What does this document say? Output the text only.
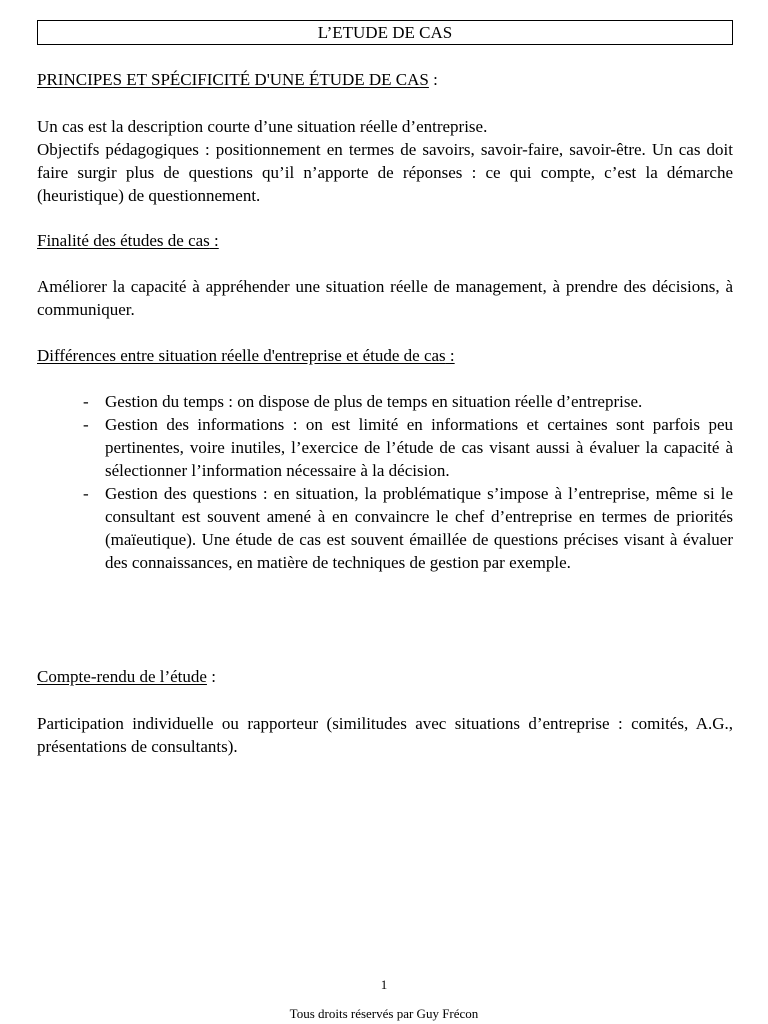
L’ETUDE DE CAS
PRINCIPES ET SPÉCIFICITÉ D'UNE ÉTUDE DE CAS :
Un cas est la description courte d’une situation réelle d’entreprise.

Objectifs pédagogiques : positionnement en termes de savoirs, savoir-faire, savoir-être. Un cas doit faire surgir plus de questions qu’il n’apporte de réponses : ce qui compte, c’est la démarche (heuristique) de questionnement.

Finalité des études de cas :

Améliorer la capacité à appréhender une situation réelle de management, à prendre des décisions, à communiquer.

Différences entre situation réelle d'entreprise et étude de cas :
- Gestion du temps : on dispose de plus de temps en situation réelle d’entreprise.
- Gestion des informations : on est limité en informations et certaines sont parfois peu pertinentes, voire inutiles, l’exercice de l’étude de cas visant aussi à évaluer la capacité à sélectionner l’information nécessaire à la décision.
- Gestion des questions : en situation, la problématique s’impose à l’entreprise, même si le consultant est souvent amené à en convaincre le chef d’entreprise en termes de priorités (maïeutique). Une étude de cas est souvent émaillée de questions précises visant à évaluer des connaissances, en matière de techniques de gestion par exemple.
Compte-rendu de l’étude :

Participation individuelle ou rapporteur (similitudes avec situations d’entreprise : comités, A.G., présentations de consultants).

1
Tous droits réservés par Guy Frécon
